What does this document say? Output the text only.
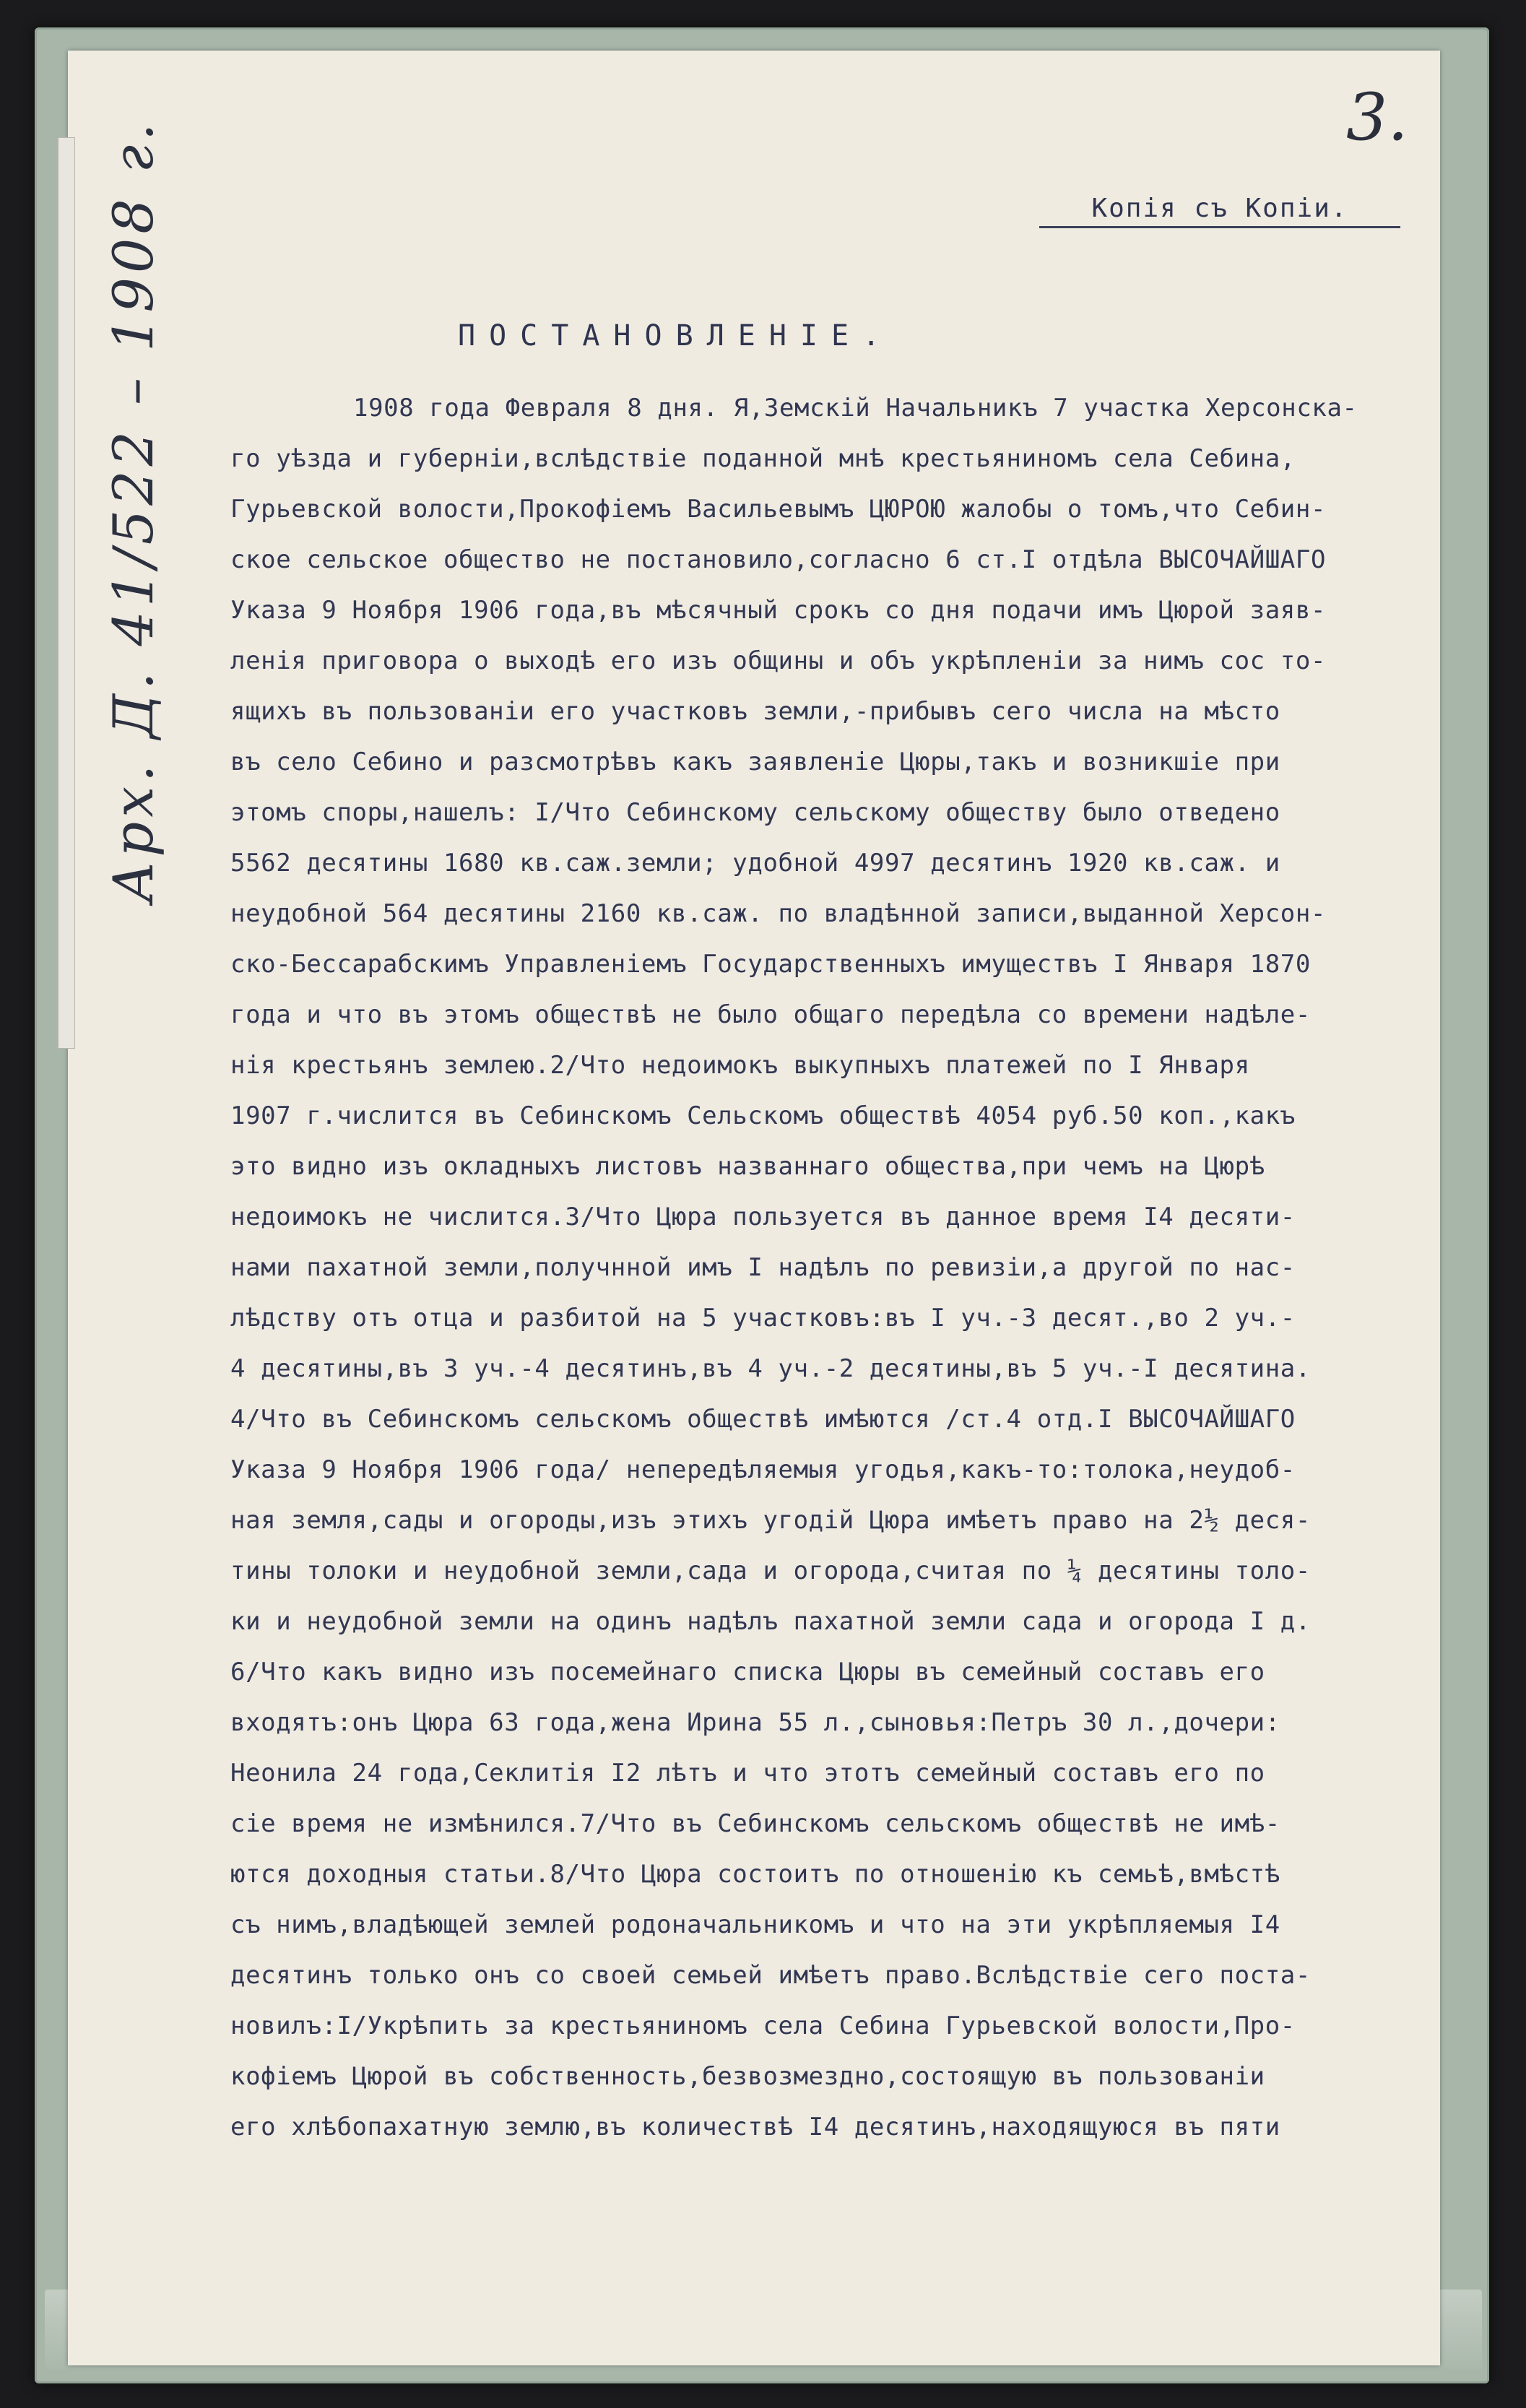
3.
Копія съ Копіи.
ПОСТАНОВЛЕНІЕ.
1908 года Февраля 8 дня. Я,Земскій Начальникъ 7 участка Херсонска-
го уѣзда и губерніи,вслѣдствіе поданной мнѣ крестьяниномъ села Себина,
Гурьевской волости,Прокофіемъ Васильевымъ ЦЮРОЮ жалобы о томъ,что Себин-
ское сельское общество не постановило,согласно 6 ст.I отдѣла ВЫСОЧАЙШАГО
Указа 9 Ноября 1906 года,въ мѣсячный срокъ со дня подачи имъ Цюрой заяв-
ленія приговора о выходѣ его изъ общины и объ укрѣпленіи за нимъ сос то-
ящихъ въ пользованіи его участковъ земли,-прибывъ сего числа на мѣсто
въ село Себино и разсмотрѣвъ какъ заявленіе Цюры,такъ и возникшіе при
этомъ споры,нашелъ: I/Что Себинскому сельскому обществу было отведено
5562 десятины 1680 кв.саж.земли; удобной 4997 десятинъ 1920 кв.саж. и
неудобной 564 десятины 2160 кв.саж. по владѣнной записи,выданной Херсон-
ско-Бессарабскимъ Управленіемъ Государственныхъ имуществъ I Января 1870
года и что въ этомъ обществѣ не было общаго передѣла со времени надѣле-
нія крестьянъ землею.2/Что недоимокъ выкупныхъ платежей по I Января
1907 г.числится въ Себинскомъ Сельскомъ обществѣ 4054 руб.50 коп.,какъ
это видно изъ окладныхъ листовъ названнаго общества,при чемъ на Цюрѣ
недоимокъ не числится.3/Что Цюра пользуется въ данное время I4 десяти-
нами пахатной земли,получнной имъ I надѣлъ по ревизіи,а другой по нас-
лѣдству отъ отца и разбитой на 5 участковъ:въ I уч.-3 десят.,во 2 уч.-
4 десятины,въ 3 уч.-4 десятинъ,въ 4 уч.-2 десятины,въ 5 уч.-I десятина.
4/Что въ Себинскомъ сельскомъ обществѣ имѣются /ст.4 отд.I ВЫСОЧАЙШАГО
Указа 9 Ноября 1906 года/ непередѣляемыя угодья,какъ-то:толока,неудоб-
ная земля,сады и огороды,изъ этихъ угодій Цюра имѣетъ право на 2½ деся-
тины толоки и неудобной земли,сада и огорода,считая по ¼ десятины толо-
ки и неудобной земли на одинъ надѣлъ пахатной земли сада и огорода I д.
6/Что какъ видно изъ посемейнаго списка Цюры въ семейный составъ его
входятъ:онъ Цюра 63 года,жена Ирина 55 л.,сыновья:Петръ 30 л.,дочери:
Неонила 24 года,Секлитія I2 лѣтъ и что этотъ семейный составъ его по
сіе время не измѣнился.7/Что въ Себинскомъ сельскомъ обществѣ не имѣ-
ются доходныя статьи.8/Что Цюра состоитъ по отношенію къ семьѣ,вмѣстѣ
съ нимъ,владѣющей землей родоначальникомъ и что на эти укрѣпляемыя I4
десятинъ только онъ со своей семьей имѣетъ право.Вслѣдствіе сего поста-
новилъ:I/Укрѣпить за крестьяниномъ села Себина Гурьевской волости,Про-
кофіемъ Цюрой въ собственность,безвозмездно,состоящую въ пользованіи
его хлѣбопахатную землю,въ количествѣ I4 десятинъ,находящуюся въ пяти
Арх. Д. 41/522 – 1908 г.
